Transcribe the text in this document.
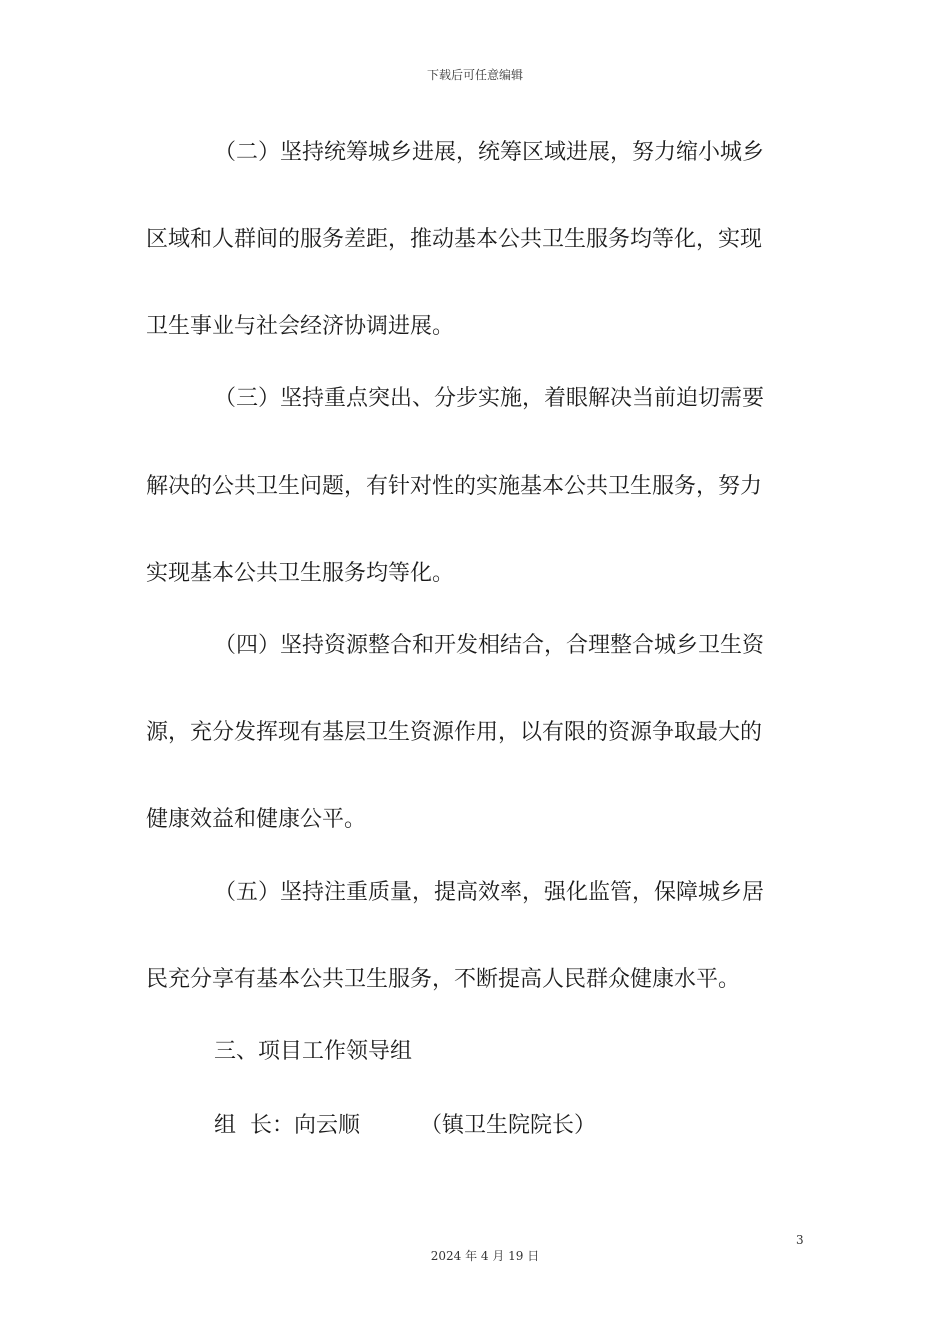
下载后可任意编辑
（二）坚持统筹城乡进展，统筹区域进展，努力缩小城乡
区域和人群间的服务差距，推动基本公共卫生服务均等化，实现
卫生事业与社会经济协调进展。
（三）坚持重点突出、分步实施，着眼解决当前迫切需要
解决的公共卫生问题，有针对性的实施基本公共卫生服务，努力
实现基本公共卫生服务均等化。
（四）坚持资源整合和开发相结合，合理整合城乡卫生资
源，充分发挥现有基层卫生资源作用，以有限的资源争取最大的
健康效益和健康公平。
（五）坚持注重质量，提高效率，强化监管，保障城乡居
民充分享有基本公共卫生服务，不断提高人民群众健康水平。
三、项目工作领导组
组  长：向云顺	（镇卫生院院长）
3
2024 年 4 月 19 日
